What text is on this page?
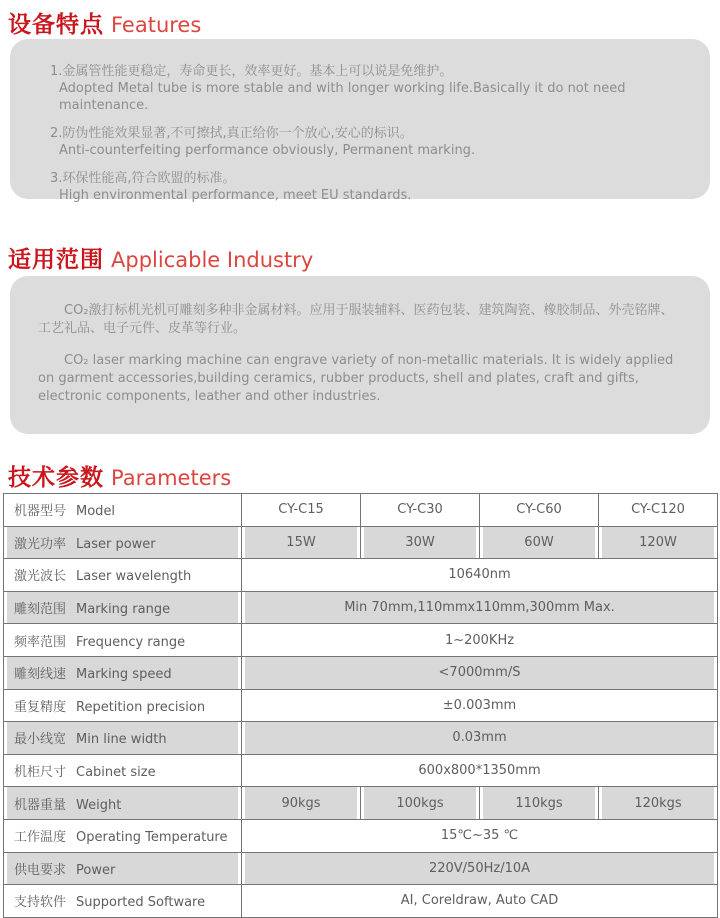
设备特点 Features
1.金属管性能更稳定，寿命更长，效率更好。基本上可以说是免维护。
Adopted Metal tube is more stable and with longer working life.Basically it do not need maintenance.
2.防伪性能效果显著,不可擦拭,真正给你一个放心,安心的标识。
Anti-counterfeiting performance obviously, Permanent marking.
3.环保性能高,符合欧盟的标准。
High environmental performance, meet EU standards.
适用范围 Applicable Industry

CO₂激打标机光机可雕刻多种非金属材料。应用于服装辅料、医药包装、建筑陶瓷、橡胶制品、外壳铭牌、工艺礼品、电子元件、皮革等行业。

CO₂ laser marking machine can engrave variety of non-metallic materials. It is widely applied on garment accessories,building ceramics, rubber products, shell and plates, craft and gifts, electronic components, leather and other industries.

技术参数 Parameters
机器型号 Model	CY-C15	CY-C30	CY-C60	CY-C120
激光功率 Laser power	15W	30W	60W	120W
激光波长 Laser wavelength	10640nm			
雕刻范围 Marking range	Min 70mm,110mmx110mm,300mm Max.			
频率范围 Frequency range	1~200KHz			
雕刻线速 Marking speed	<7000mm/S			
重复精度 Repetition precision	±0.003mm			
最小线宽 Min line width	0.03mm			
机柜尺寸 Cabinet size	600x800*1350mm			
机器重量 Weight	90kgs	100kgs	110kgs	120kgs
工作温度 Operating Temperature	15℃~35 ℃			
供电要求 Power	220V/50Hz/10A			
支持软件 Supported Software	AI, Coreldraw, Auto CAD			
